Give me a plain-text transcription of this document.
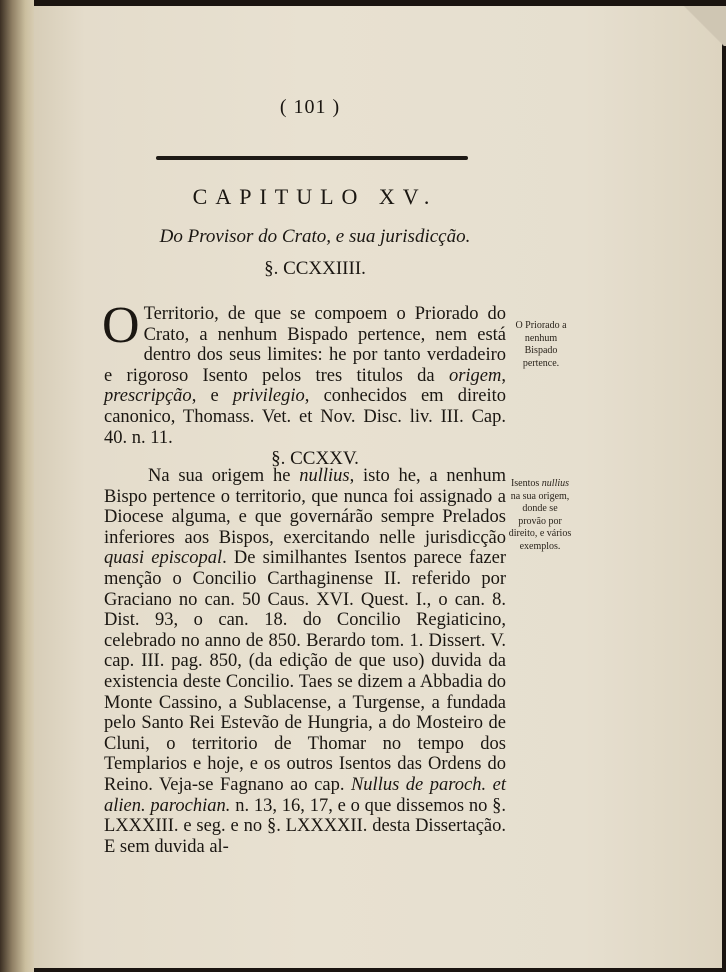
( 101 )
CAPITULO XV.
Do Provisor do Crato, e sua jurisdicção.
§. CCXXIIII.

O Territorio, de que se compoem o Priorado do Crato, a nenhum Bispado pertence, nem está dentro dos seus limites: he por tanto verdadeiro e rigoroso Isento pelos tres titulos da origem, prescripção, e privilegio, conhecidos em direito canonico, Thomass. Vet. et Nov. Disc. liv. III. Cap. 40. n. 11.

O Priorado a nenhum Bispado pertence.
§. CCXXV.

Na sua origem he nullius, isto he, a nenhum Bispo pertence o territorio, que nunca foi assignado a Diocese alguma, e que governárão sempre Prelados inferiores aos Bispos, exercitando nelle jurisdicção quasi episcopal. De similhantes Isentos parece fazer menção o Concilio Carthaginense II. referido por Graciano no can. 50 Caus. XVI. Quest. I., o can. 8. Dist. 93, o can. 18. do Concilio Regiaticino, celebrado no anno de 850. Berardo tom. 1. Dissert. V. cap. III. pag. 850, (da edição de que uso) duvida da existencia deste Concilio. Taes se dizem a Abbadia do Monte Cassino, a Sublacense, a Turgense, a fundada pelo Santo Rei Estevão de Hungria, a do Mosteiro de Cluni, o territorio de Thomar no tempo dos Templarios e hoje, e os outros Isentos das Ordens do Reino. Veja-se Fagnano ao cap. Nullus de paroch. et alien. parochian. n. 13, 16, 17, e o que dissemos no §. LXXXIII. e seg. e no §. LXXXXII. desta Dissertação. E sem duvida al-

Isentos nullius na sua origem, donde se provão por direito, e vários exemplos.
